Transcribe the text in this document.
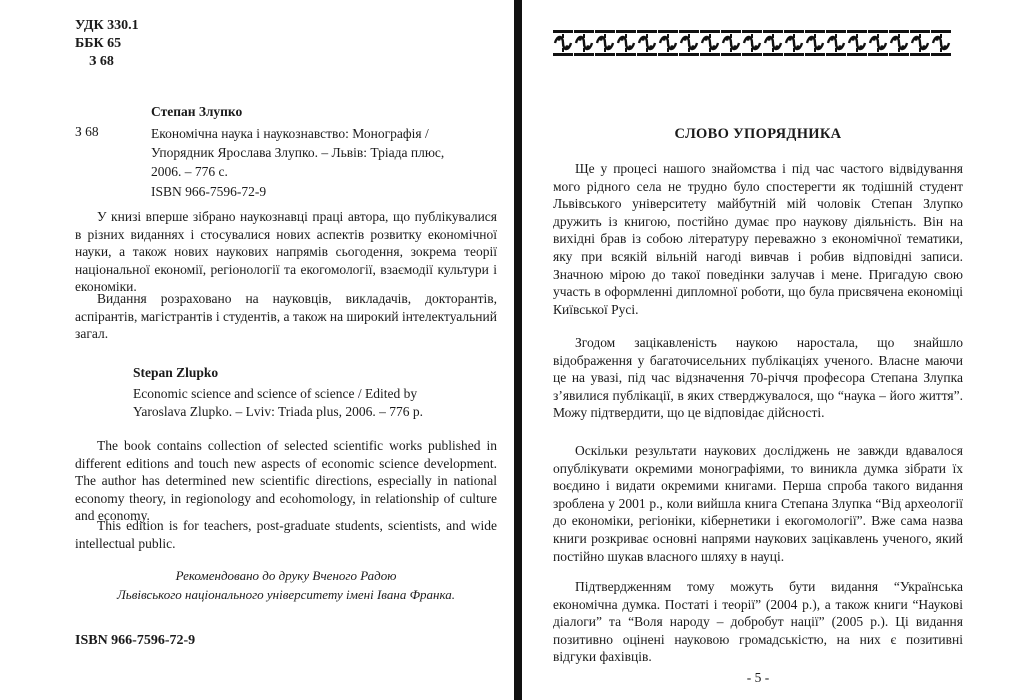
УДК 330.1
ББК 65
З 68
Степан Злупко
З 68	Економічна наука і наукознавство: Монографія /
Упорядник Ярослава Злупко. – Львів: Тріада плюс,
2006. – 776 с.
ISBN 966-7596-72-9

У книзі вперше зібрано наукознавці праці автора, що публікувалися в різних виданнях і стосувалися нових аспектів розвитку економічної науки, а також нових наукових напрямів сьогодення, зокрема теорії національної економії, регіонології та екогомології, взаємодії культури і економіки.

Видання розраховано на науковців, викладачів, докторантів, аспірантів, магістрантів і студентів, а також на широкий інтелектуальний загал.

Stepan Zlupko
Economic science and science of science / Edited by
Yaroslava Zlupko. – Lviv: Triada plus, 2006. – 776 p.

The book contains collection of selected scientific works published in different editions and touch new aspects of economic science development. The author has determined new scientific directions, especially in national economy theory, in regionology and ecohomology, in relationship of culture and economy.

This edition is for teachers, post-graduate students, scientists, and wide intellectual public.

Рекомендовано до друку Вченого Радою
Львівського національного університету імені Івана Франка.
ISBN 966-7596-72-9
СЛОВО УПОРЯДНИКА

Ще у процесі нашого знайомства і під час частого відвідування мого рідного села не трудно було спостерегти як тодішній студент Львівського університету майбутній мій чоловік Степан Злупко дружить із книгою, постійно думає про наукову діяльність. Він на вихідні брав із собою літературу переважно з економічної тематики, яку при всякій вільній нагоді вивчав і робив відповідні записи. Значною мірою до такої поведінки залучав і мене. Пригадую свою участь в оформленні дипломної роботи, що була присвячена економіці Київської Русі.

Згодом зацікавленість наукою наростала, що знайшло відображення у багаточисельних публікаціях ученого. Власне маючи це на увазі, під час відзначення 70-річчя професора Степана Злупка з’явилися публікації, в яких стверджувалося, що “наука – його життя”. Можу підтвердити, що це відповідає дійсності.

Оскільки результати наукових досліджень не завжди вдавалося опублікувати окремими монографіями, то виникла думка зібрати їх воєдино і видати окремими книгами. Перша спроба такого видання зроблена у 2001 р., коли вийшла книга Степана Злупка “Від археології до економіки, регіоніки, кібернетики і екогомології”. Вже сама назва книги розкриває основні напрями наукових зацікавлень ученого, який постійно шукав власного шляху в науці.

Підтвердженням тому можуть бути видання “Українська економічна думка. Постаті і теорії” (2004 р.), а також книги “Наукові діалоги” та “Воля народу – добробут нації” (2005 р.). Ці видання позитивно оцінені науковою громадськістю, на них є позитивні відгуки фахівців.

- 5 -
